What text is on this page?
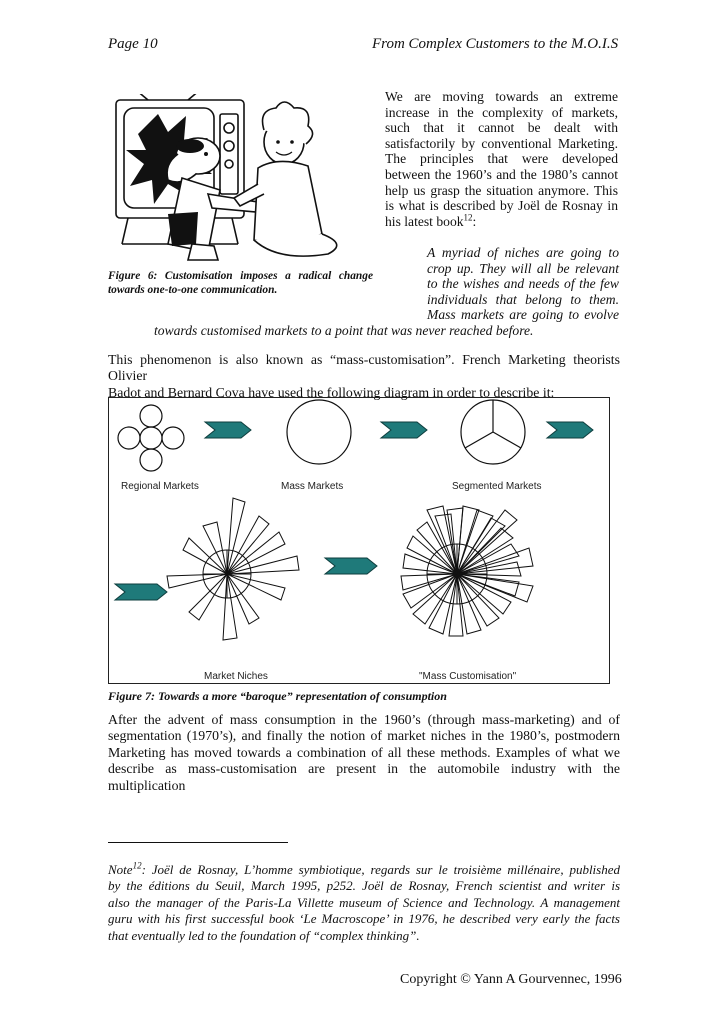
Page 10	From Complex Customers to the M.O.I.S
We are moving towards an extreme
increase in the complexity of markets,
such that it cannot be dealt with
satisfactorily by conventional Marketing.
The principles that were developed
between the 1960’s and the 1980’s cannot
help us grasp the situation anymore. This
is what is described by Joël de Rosnay in
his latest book$^{12}$:
A myriad of niches are going to
crop up. They will all be relevant
to the wishes and needs of the few
individuals that belong to them.
Mass markets are going to evolve
towards customised markets to a point that was never reached before.
Figure 6: Customisation imposes a radical change
towards one-to-one communication.
This phenomenon is also known as “mass-customisation”. French Marketing theorists Olivier
Badot and Bernard Cova have used the following diagram in order to describe it:
Regional Markets	Mass Markets	Segmented Markets
Market Niches	"Mass Customisation"
Figure 7: Towards a more “baroque” representation of consumption
After the advent of mass consumption in the 1960’s (through mass-marketing) and of
segmentation (1970’s), and finally the notion of market niches in the 1980’s, postmodern
Marketing has moved towards a combination of all these methods. Examples of what we
describe as mass-customisation are present in the automobile industry with the multiplication
Note$^{12}$: Joël de Rosnay, L’homme symbiotique, regards sur le troisième millénaire, published
by the éditions du Seuil, March 1995, p252. Joël de Rosnay, French scientist and writer is
also the manager of the Paris-La Villette museum of Science and Technology. A management
guru with his first successful book ‘Le Macroscope’ in 1976, he described very early the facts
that eventually led to the foundation of “complex thinking”.
Copyright © Yann A Gourvennec, 1996
